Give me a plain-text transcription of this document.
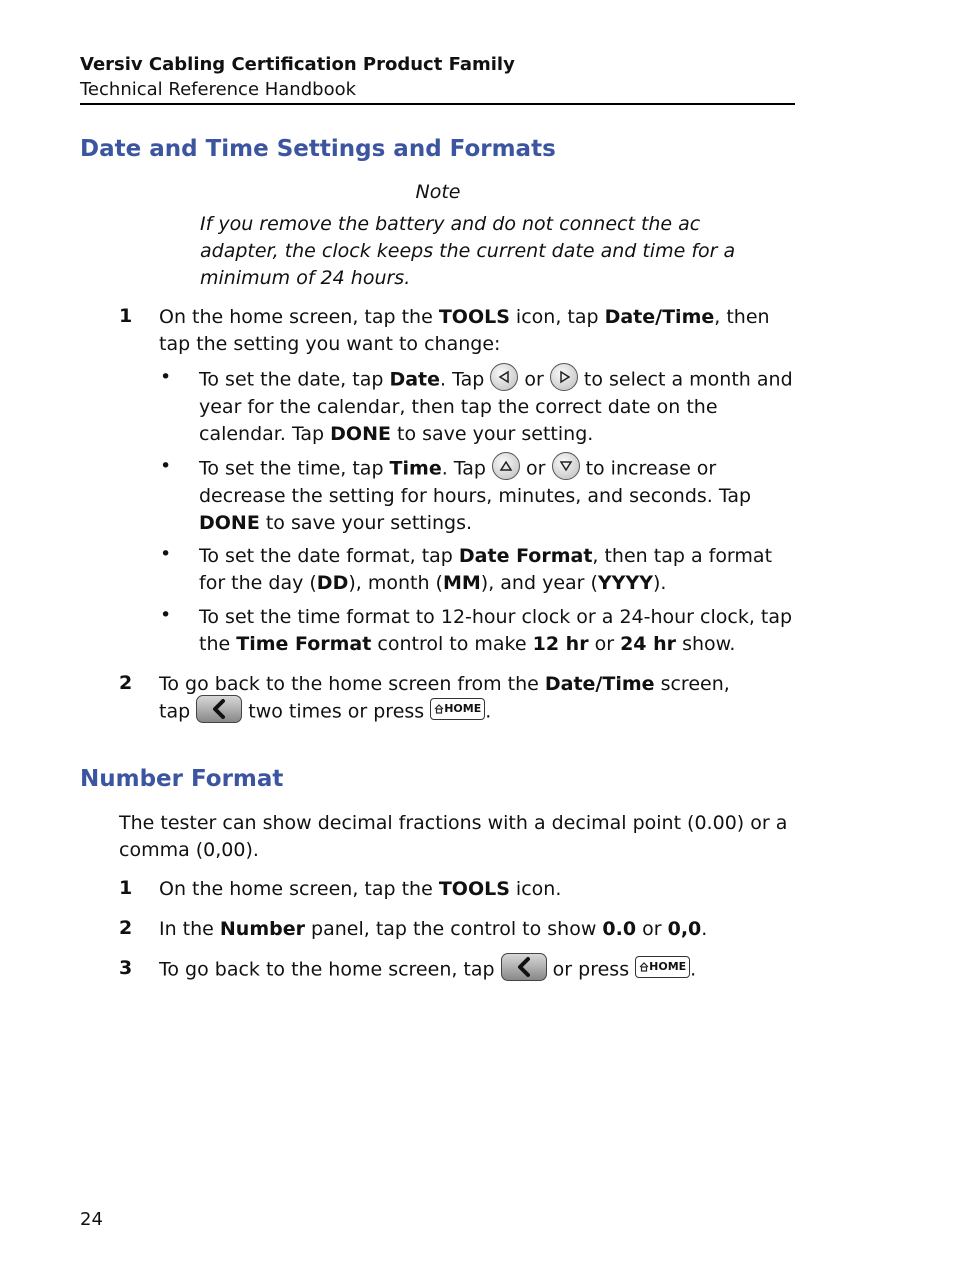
Versiv Cabling Certification Product Family
Technical Reference Handbook
Date and Time Settings and Formats
Note
If you remove the battery and do not connect the ac adapter, the clock keeps the current date and time for a minimum of 24 hours.
1 On the home screen, tap the TOOLS icon, tap Date/Time, then tap the setting you want to change:
• To set the date, tap Date. Tap
or
to select a month and year for the calendar, then tap the correct date on the calendar. Tap DONE to save your setting.
• To set the time, tap Time. Tap
or
to increase or decrease the setting for hours, minutes, and seconds. Tap DONE to save your settings.
• To set the date format, tap Date Format, then tap a format for the day (DD), month (MM), and year (YYYY).
• To set the time format to 12-hour clock or a 24-hour clock, tap the Time Format control to make 12 hr or 24 hr show.
2 To go back to the home screen from the Date/Time screen,
tap
two times or press HOME .
Number Format
The tester can show decimal fractions with a decimal point (0.00) or a comma (0,00).
1 On the home screen, tap the TOOLS icon.
2 In the Number panel, tap the control to show 0.0 or 0,0.
3 To go back to the home screen, tap
or press HOME .
24
